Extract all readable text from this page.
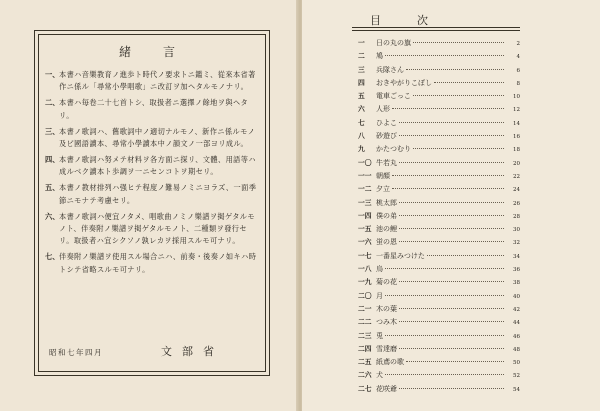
緒　言
一、 本書ハ音樂教育ノ進歩ト時代ノ要求トニ鑑ミ、從來本省著作ニ係ル「尋常小學唱歌」ニ改訂ヲ加ヘタルモノナリ。
二、 本書ハ毎卷二十七首トシ、取扱者ニ選擇ノ餘地ヲ與ヘタリ。
三、 本書ノ歌詞ハ、舊歌詞中ノ適切ナルモノ、新作ニ係ルモノ及ビ國語讀本、尋常小學讀本中ノ韻文ノ一部ヨリ成ル。
四、 本書ノ歌詞ハ努メテ材料ヲ各方面ニ探リ、文體、用語等ハ成ルベク讀本ト歩調ヲ一ニセンコトヲ期セリ。
五、 本書ノ教材排列ハ强ヒテ程度ノ難易ノミニヨラズ、一面季節ニモナテ考慮セリ。
六、 本書ノ歌詞ハ便宜ノタメ、唱歌曲ノミノ樂譜ヲ掲ゲタルモノト、伴奏附ノ樂譜ヲ掲ゲタルモノト、二種類ヲ發行セリ。取扱者ハ宜シクソノ孰レカヲ採用スルモ可ナリ。
七、 伴奏附ノ樂譜ヲ使用スル場合ニハ、前奏・後奏ノ如キハ時トシテ省略スルモ可ナリ。
昭和七年四月	文部省
目次
一	日の丸の旗	2
二	鳩	4
三	兵隊さん	6
四	おきやがりこぼし	8
五	電車ごっこ	10
六	人形	12
七	ひよこ	14
八	砂遊び	16
九	かたつむり	18
一〇 牛若丸	20
一一 朝顏	22
一二 夕立	24
一三 桃太郎	26
一四 僕の弟	28
一五 池の鯉	30
一六 蛍の恩	32
一七 一番星みつけた	34
一八 烏	36
一九 菊の花	38
二〇 月	40
二一 木の葉	42
二二 つみ木	44
二三 兎	46
二四 雪達磨	48
二五 紙鳶の歌	50
二六 犬	52
二七 花咲爺	54
